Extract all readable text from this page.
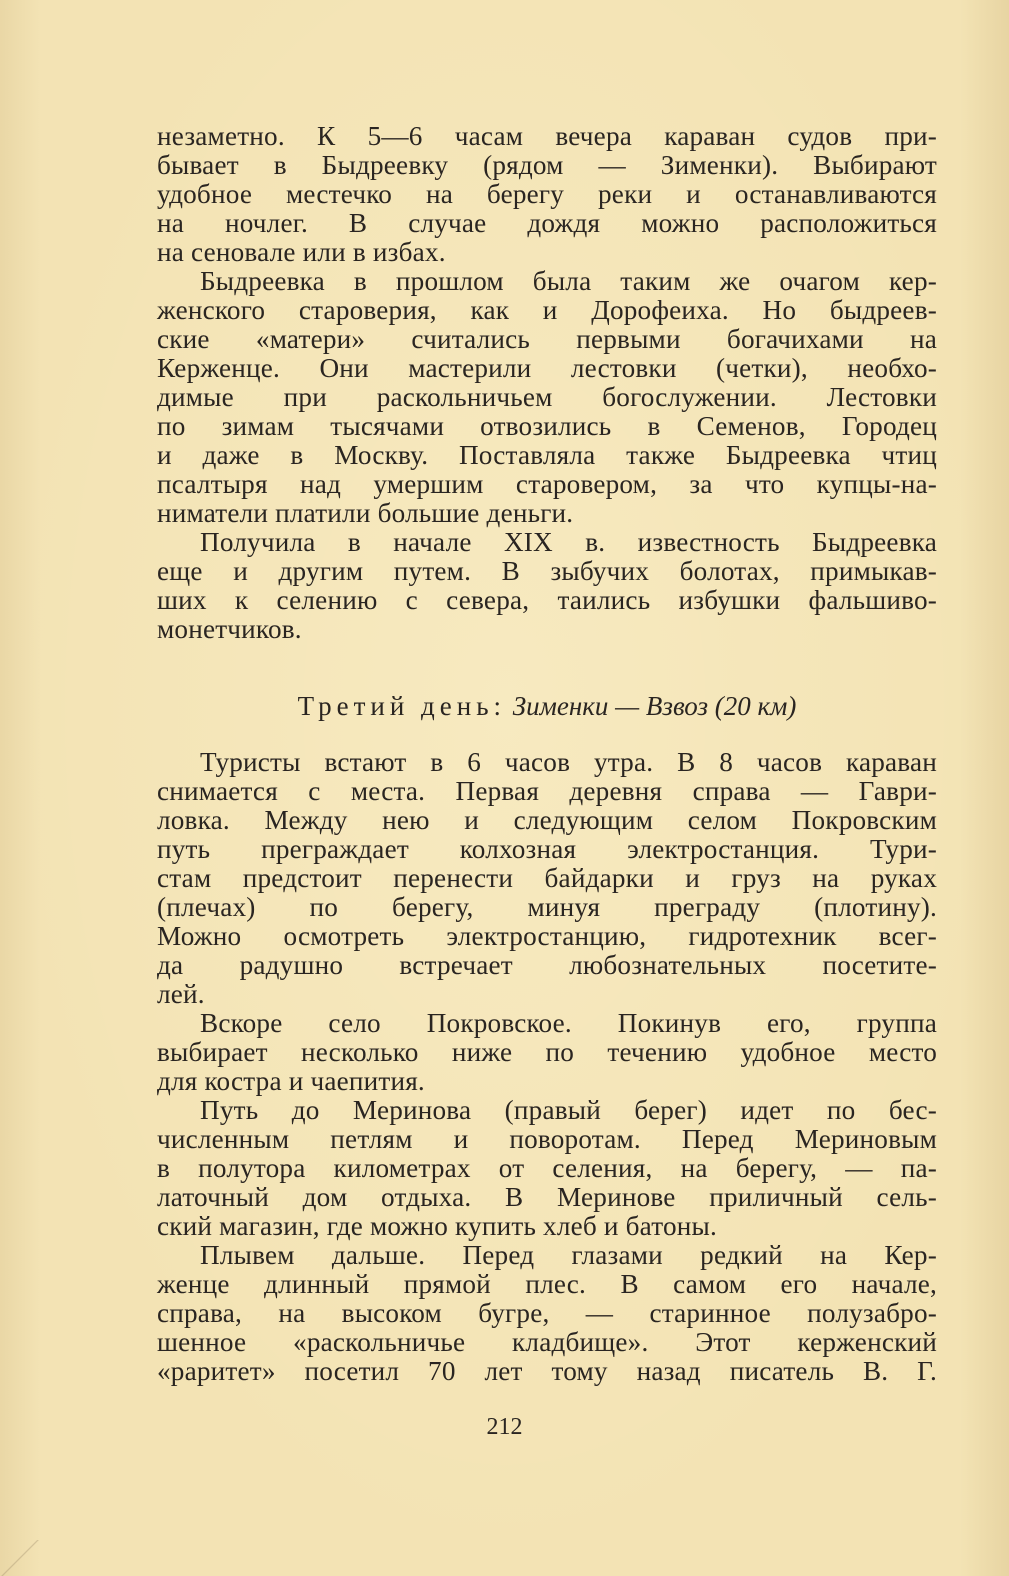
незаметно. К 5—6 часам вечера караван судов при-
бывает в Быдреевку (рядом — Зименки). Выбирают
удобное местечко на берегу реки и останавливаются
на ночлег. В случае дождя можно расположиться
на сеновале или в избах.
Быдреевка в прошлом была таким же очагом кер-
женского староверия, как и Дорофеиха. Но быдреев-
ские «матери» считались первыми богачихами на
Керженце. Они мастерили лестовки (четки), необхо-
димые при раскольничьем богослужении. Лестовки
по зимам тысячами отвозились в Семенов, Городец
и даже в Москву. Поставляла также Быдреевка чтиц
псалтыря над умершим старовером, за что купцы-на-
ниматели платили большие деньги.
Получила в начале XIX в. известность Быдреевка
еще и другим путем. В зыбучих болотах, примыкав-
ших к селению с севера, таились избушки фальшиво-
монетчиков.
Третий день: Зименки — Взвоз (20 км)
Туристы встают в 6 часов утра. В 8 часов караван
снимается с места. Первая деревня справа — Гаври-
ловка. Между нею и следующим селом Покровским
путь преграждает колхозная электростанция. Тури-
стам предстоит перенести байдарки и груз на руках
(плечах) по берегу, минуя преграду (плотину).
Можно осмотреть электростанцию, гидротехник всег-
да радушно встречает любознательных посетите-
лей.
Вскоре село Покровское. Покинув его, группа
выбирает несколько ниже по течению удобное место
для костра и чаепития.
Путь до Меринова (правый берег) идет по бес-
численным петлям и поворотам. Перед Мериновым
в полутора километрах от селения, на берегу, — па-
латочный дом отдыха. В Меринове приличный сель-
ский магазин, где можно купить хлеб и батоны.
Плывем дальше. Перед глазами редкий на Кер-
женце длинный прямой плес. В самом его начале,
справа, на высоком бугре, — старинное полузабро-
шенное «раскольничье кладбище». Этот керженский
«раритет» посетил 70 лет тому назад писатель В. Г.
212
